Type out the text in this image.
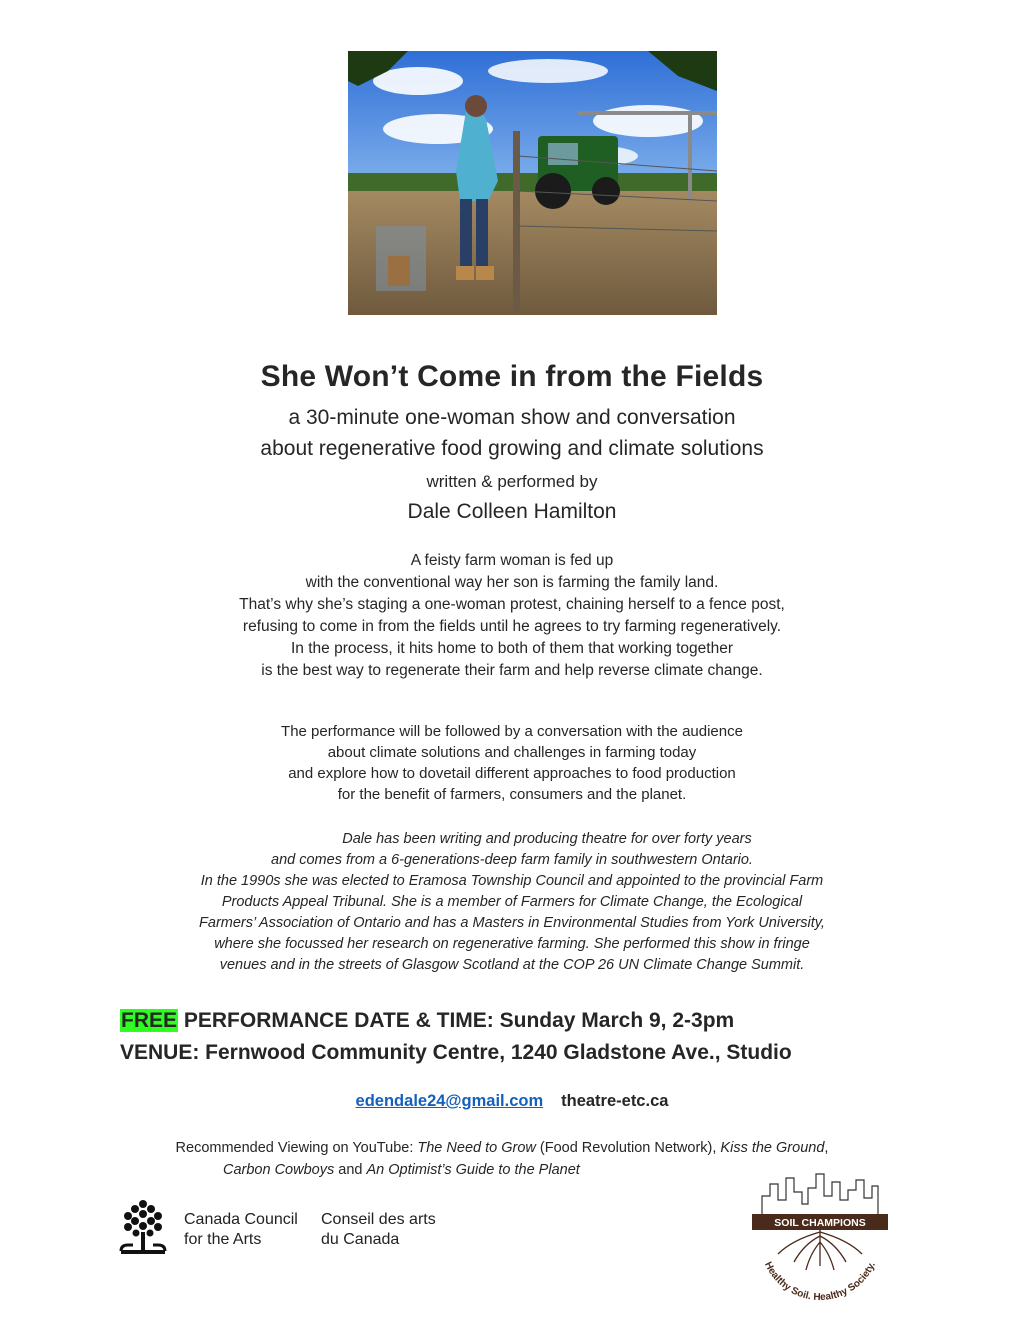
She Won’t Come in from the Fields
a 30-minute one-woman show and conversation
about regenerative food growing and climate solutions
written & performed by
Dale Colleen Hamilton
A feisty farm woman is fed up
with the conventional way her son is farming the family land.
That’s why she’s staging a one-woman protest, chaining herself to a fence post,
refusing to come in from the fields until he agrees to try farming regeneratively.
In the process, it hits home to both of them that working together
is the best way to regenerate their farm and help reverse climate change.
The performance will be followed by a conversation with the audience
about climate solutions and challenges in farming today
and explore how to dovetail different approaches to food production
for the benefit of farmers, consumers and the planet.
Dale has been writing and producing theatre for over forty years
and comes from a 6-generations-deep farm family in southwestern Ontario.
In the 1990s she was elected to Eramosa Township Council and appointed to the provincial Farm
Products Appeal Tribunal. She is a member of Farmers for Climate Change, the Ecological
Farmers’ Association of Ontario and has a Masters in Environmental Studies from York University,
where she focussed her research on regenerative farming. She performed this show in fringe
venues and in the streets of Glasgow Scotland at the COP 26 UN Climate Change Summit.
FREE PERFORMANCE DATE & TIME: Sunday March 9, 2-3pm
VENUE: Fernwood Community Centre, 1240 Gladstone Ave., Studio
edendale24@gmail.com theatre-etc.ca
Recommended Viewing on YouTube: The Need to Grow (Food Revolution Network), Kiss the Ground,
Carbon Cowboys and An Optimist’s Guide to the Planet
Canada Council
for the Arts
Conseil des arts
du Canada
SOIL CHAMPIONS
Healthy Soil. Healthy Society.
